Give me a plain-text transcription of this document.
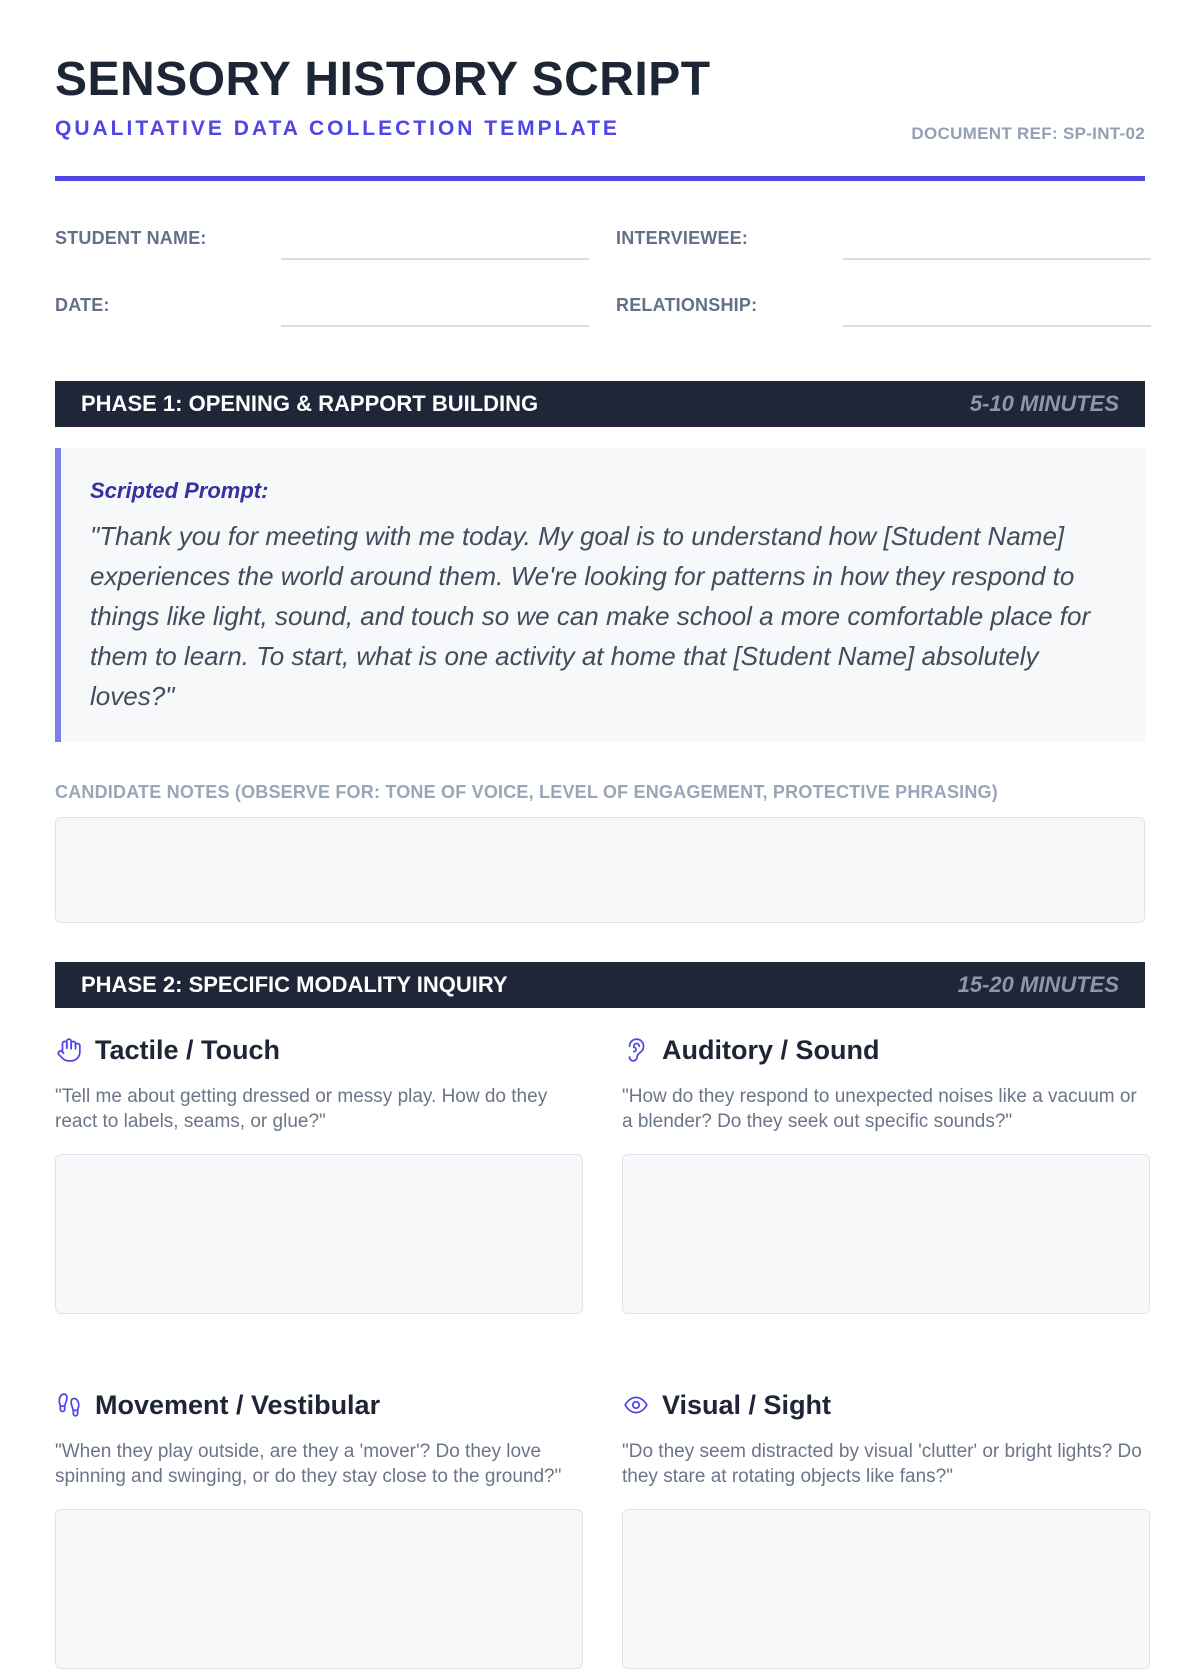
SENSORY HISTORY SCRIPT
QUALITATIVE DATA COLLECTION TEMPLATE	DOCUMENT REF: SP-INT-02
STUDENT NAME:	INTERVIEWEE:
DATE:	RELATIONSHIP:
PHASE 1: OPENING & RAPPORT BUILDING	5-10 MINUTES
Scripted Prompt:
"Thank you for meeting with me today. My goal is to understand how [Student Name] experiences the world around them. We're looking for patterns in how they respond to things like light, sound, and touch so we can make school a more comfortable place for them to learn. To start, what is one activity at home that [Student Name] absolutely loves?"
CANDIDATE NOTES (OBSERVE FOR: TONE OF VOICE, LEVEL OF ENGAGEMENT, PROTECTIVE PHRASING)
PHASE 2: SPECIFIC MODALITY INQUIRY	15-20 MINUTES
Tactile / Touch
"Tell me about getting dressed or messy play. How do they react to labels, seams, or glue?"
Auditory / Sound
"How do they respond to unexpected noises like a vacuum or a blender? Do they seek out specific sounds?"
Movement / Vestibular
"When they play outside, are they a 'mover'? Do they love spinning and swinging, or do they stay close to the ground?"
Visual / Sight
"Do they seem distracted by visual 'clutter' or bright lights? Do they stare at rotating objects like fans?"
